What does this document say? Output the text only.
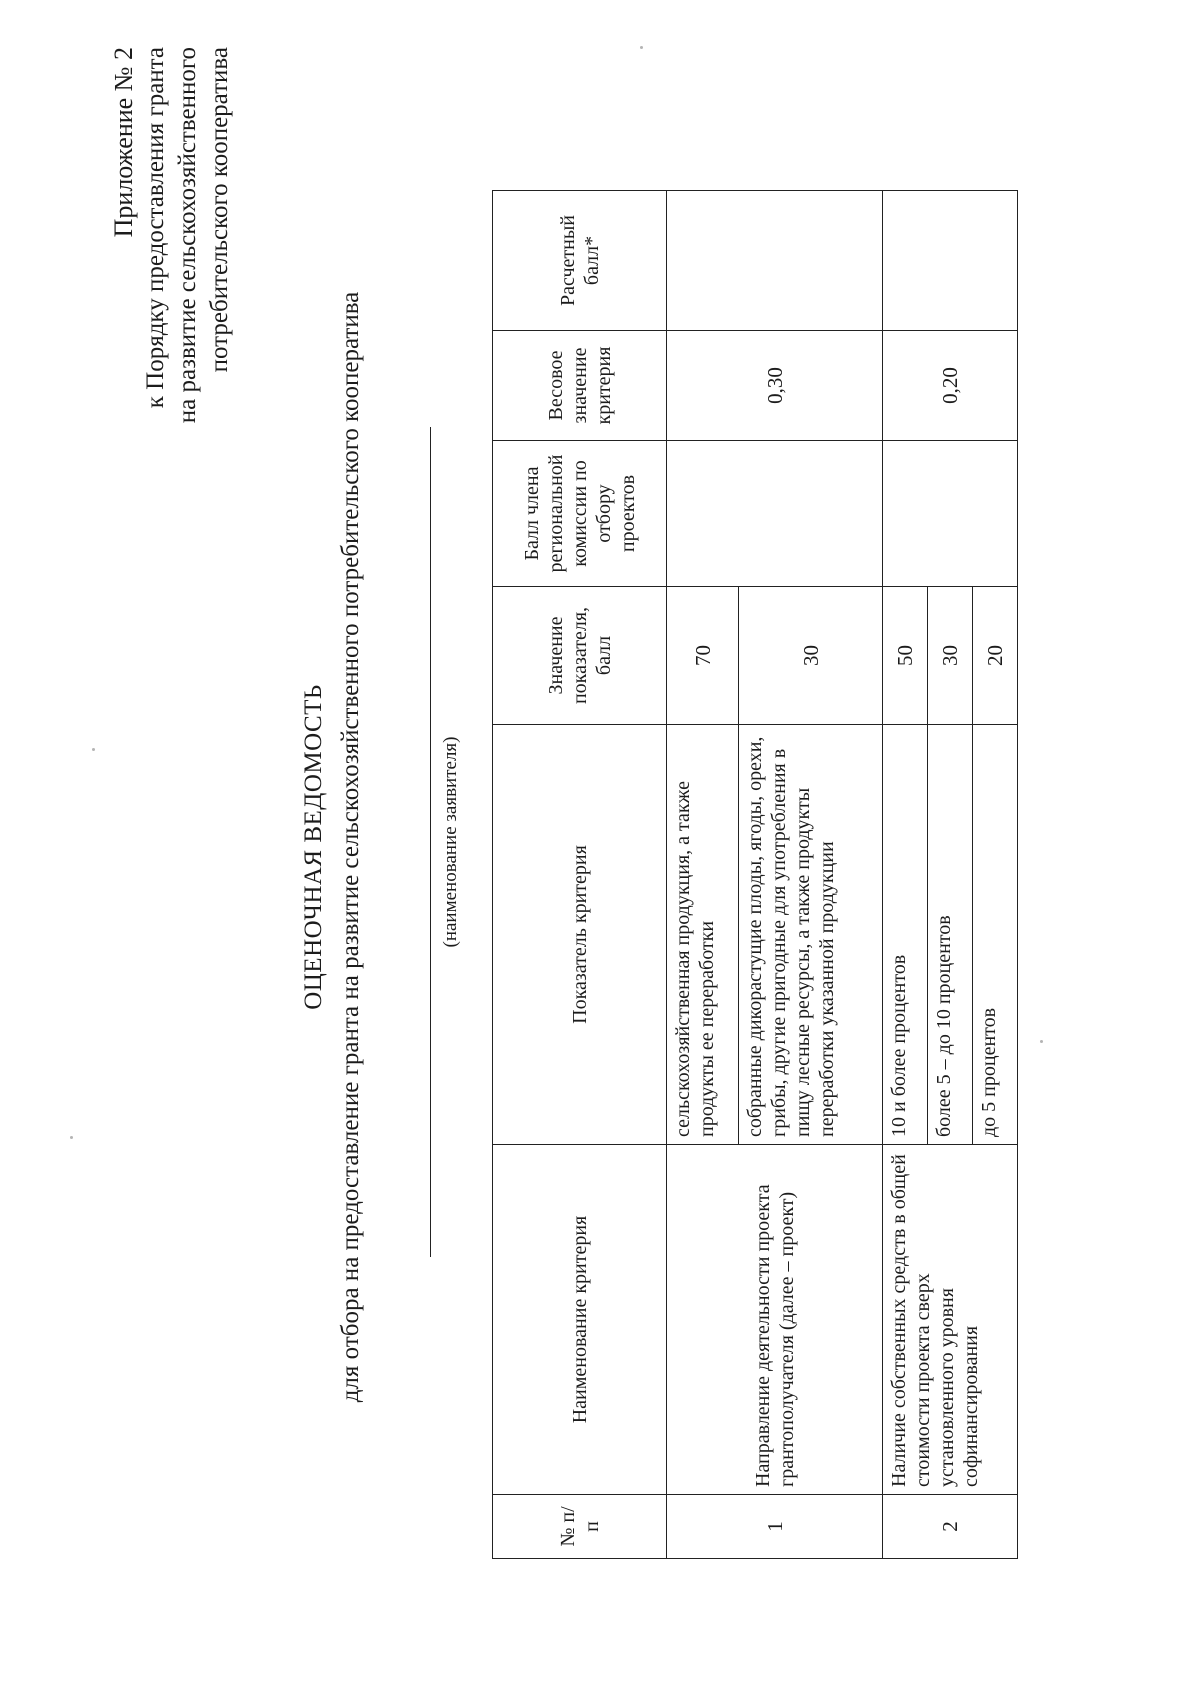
Приложение № 2 к Порядку предоставления гранта на развитие сельскохозяйственного потребительского кооператива
ОЦЕНОЧНАЯ ВЕДОМОСТЬ для отбора на предоставление гранта на развитие сельскохозяйственного потребительского кооператива	(наименование заявителя)
№ п/п	Наименование критерия	Показатель критерия	Значение показателя, балл	Балл члена региональной комиссии по отбору проектов	Весовое значение критерия	Расчетный балл*
1	Направление деятельности проекта грантополучателя (далее – проект)	сельскохозяйственная продукция, а также продукты ее переработки	70		0,30	
		собранные дикорастущие плоды, ягоды, орехи, грибы, другие пригодные для употребления в пищу лесные ресурсы, а также продукты переработки указанной продукции	30			
2	Наличие собственных средств в общей стоимости проекта сверх установленного уровня софинансирования	10 и более процентов	50		0,20	
		более 5 – до 10 процентов	30			
		до 5 процентов	20			
